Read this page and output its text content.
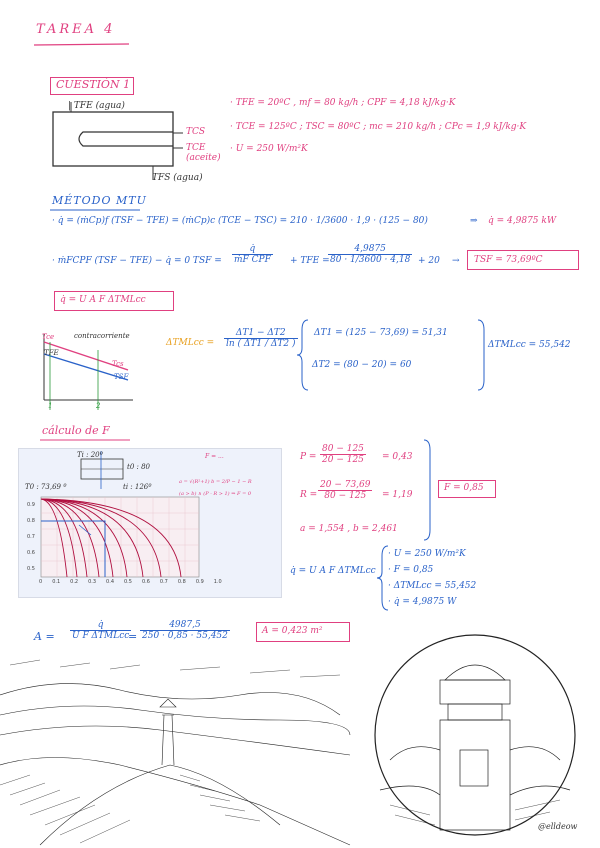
TAREA 4
CUESTIÓN 1
| TFE (agua)
TCS
TCE
(aceite)
TFS (agua)
· TFE = 20ºC , mf = 80 kg/h ; CPF = 4,18 kJ/kg·K
· TCE = 125ºC ; TSC = 80ºC ; mc = 210 kg/h ; CPc = 1,9 kJ/kg·K
· U = 250 W/m²K
MÉTODO MTU
· q̇ = (ṁCp)f (TSF − TFE) = (ṁCp)c (TCE − TSC) = 210 · 1/3600 · 1,9 · (125 − 80)	⇒ q̇ = 4,9875 kW
· ṁFCPF (TSF − TFE) − q̇ = 0 TSF =
q̇
ṁF CPF + TFE =
$\frac{4,9875}{80 \cdot 1/3600 \cdot 4,18} + 20$ → TSF = 73,69ºC
q̇ = U A F ΔTMLcc
Tce	contracorriente
Tcs
TSF
TFE
1	2
ΔTMLcc = $\frac{\Delta T1 - \Delta T2}{\ln ( \Delta T1 / \Delta T2 )} \Delta T1 = (125 - 73,69) = 51,31$
ΔT2 = (80 − 20) = 60
ΔTMLcc = 55,542
cálculo de F
Ti : 20º
t0 : 80
T0 : 73,69 º	ti : 126º
F = ...
a = √(R²+1) b = 2/P − 1 − R
(a > b) ∧ (P · R > 1) ⇒ F = 0
0.9
0.8
0.7
0.6
0.5
0 0.1 0.2 0.3 0.4 0.5 0.6 0.7 0.8 0.9 1.0
$P = \frac{80 - 125}{20 - 125} = 0,43$
$R = \frac{20 - 73,69}{80 - 125} = 1,19$
a = 1,554 , b = 2,461
F = 0,85
q̇ = U A F ΔTMLcc
· U = 250 W/m²K
· F = 0,85
· ΔTMLcc = 55,452
· q̇ = 4,9875 W
A =
q̇
U F ΔTMLcc
= $\frac{4987,5}{250 \cdot 0,85 \cdot 55,452}$	A = 0,423 m²
@elldeow
